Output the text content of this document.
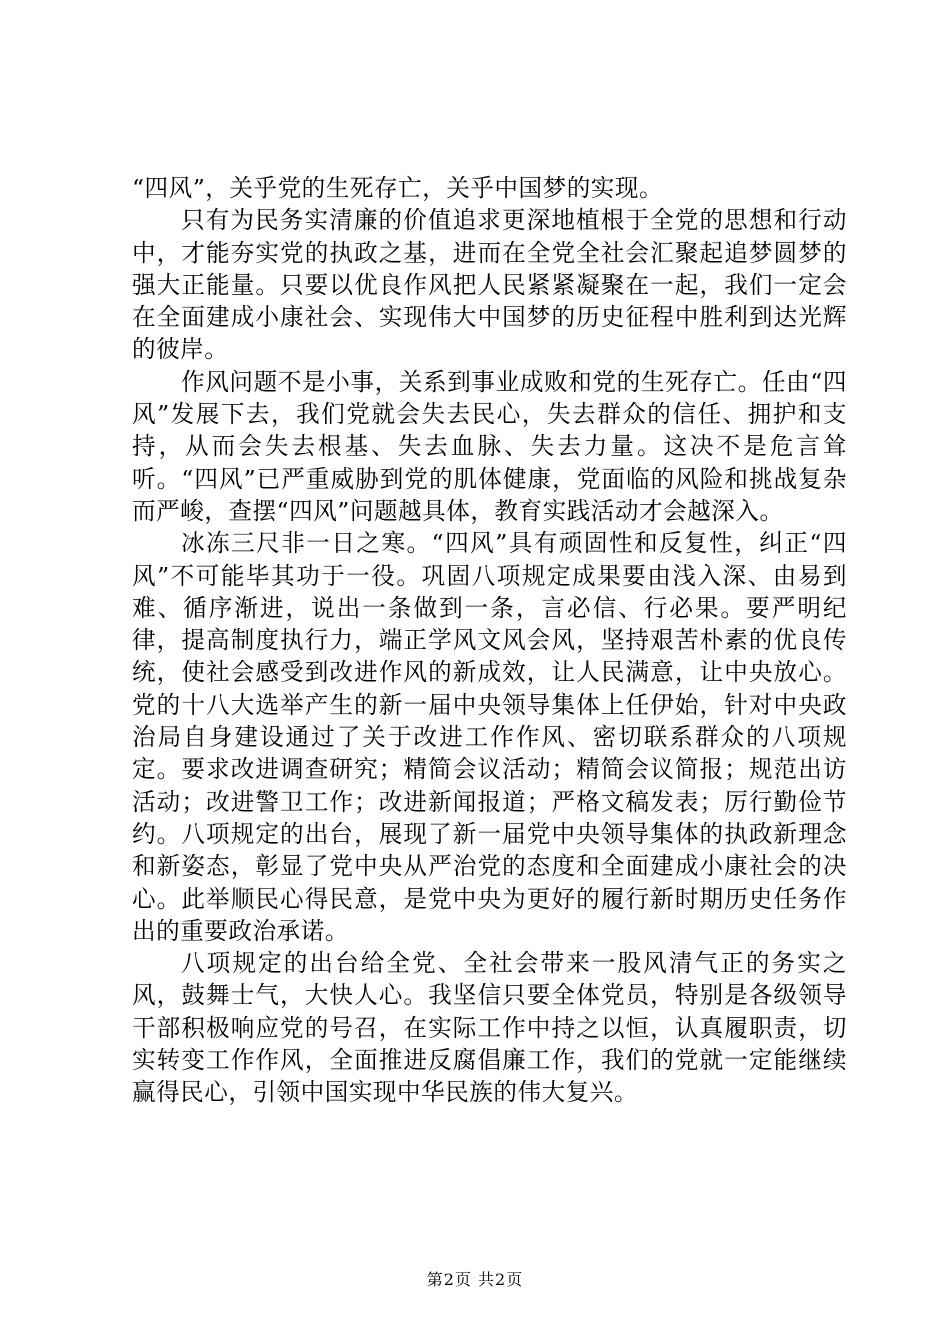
“四风”，关乎党的生死存亡，关乎中国梦的实现。

只有为民务实清廉的价值追求更深地植根于全党的思想和行动中，才能夯实党的执政之基，进而在全党全社会汇聚起追梦圆梦的强大正能量。只要以优良作风把人民紧紧凝聚在一起，我们一定会在全面建成小康社会、实现伟大中国梦的历史征程中胜利到达光辉的彼岸。

作风问题不是小事，关系到事业成败和党的生死存亡。任由“四风”发展下去，我们党就会失去民心，失去群众的信任、拥护和支持，从而会失去根基、失去血脉、失去力量。这决不是危言耸听。“四风”已严重威胁到党的肌体健康，党面临的风险和挑战复杂而严峻，查摆“四风”问题越具体，教育实践活动才会越深入。

冰冻三尺非一日之寒。“四风”具有顽固性和反复性，纠正“四风”不可能毕其功于一役。巩固八项规定成果要由浅入深、由易到难、循序渐进，说出一条做到一条，言必信、行必果。要严明纪律，提高制度执行力，端正学风文风会风，坚持艰苦朴素的优良传统，使社会感受到改进作风的新成效，让人民满意，让中央放心。党的十八大选举产生的新一届中央领导集体上任伊始，针对中央政治局自身建设通过了关于改进工作作风、密切联系群众的八项规定。要求改进调查研究；精简会议活动；精简会议简报；规范出访活动；改进警卫工作；改进新闻报道；严格文稿发表；厉行勤俭节约。八项规定的出台，展现了新一届党中央领导集体的执政新理念和新姿态，彰显了党中央从严治党的态度和全面建成小康社会的决心。此举顺民心得民意，是党中央为更好的履行新时期历史任务作出的重要政治承诺。

八项规定的出台给全党、全社会带来一股风清气正的务实之风，鼓舞士气，大快人心。我坚信只要全体党员，特别是各级领导干部积极响应党的号召，在实际工作中持之以恒，认真履职责，切实转变工作作风，全面推进反腐倡廉工作，我们的党就一定能继续赢得民心，引领中国实现中华民族的伟大复兴。

第2页 共2页
